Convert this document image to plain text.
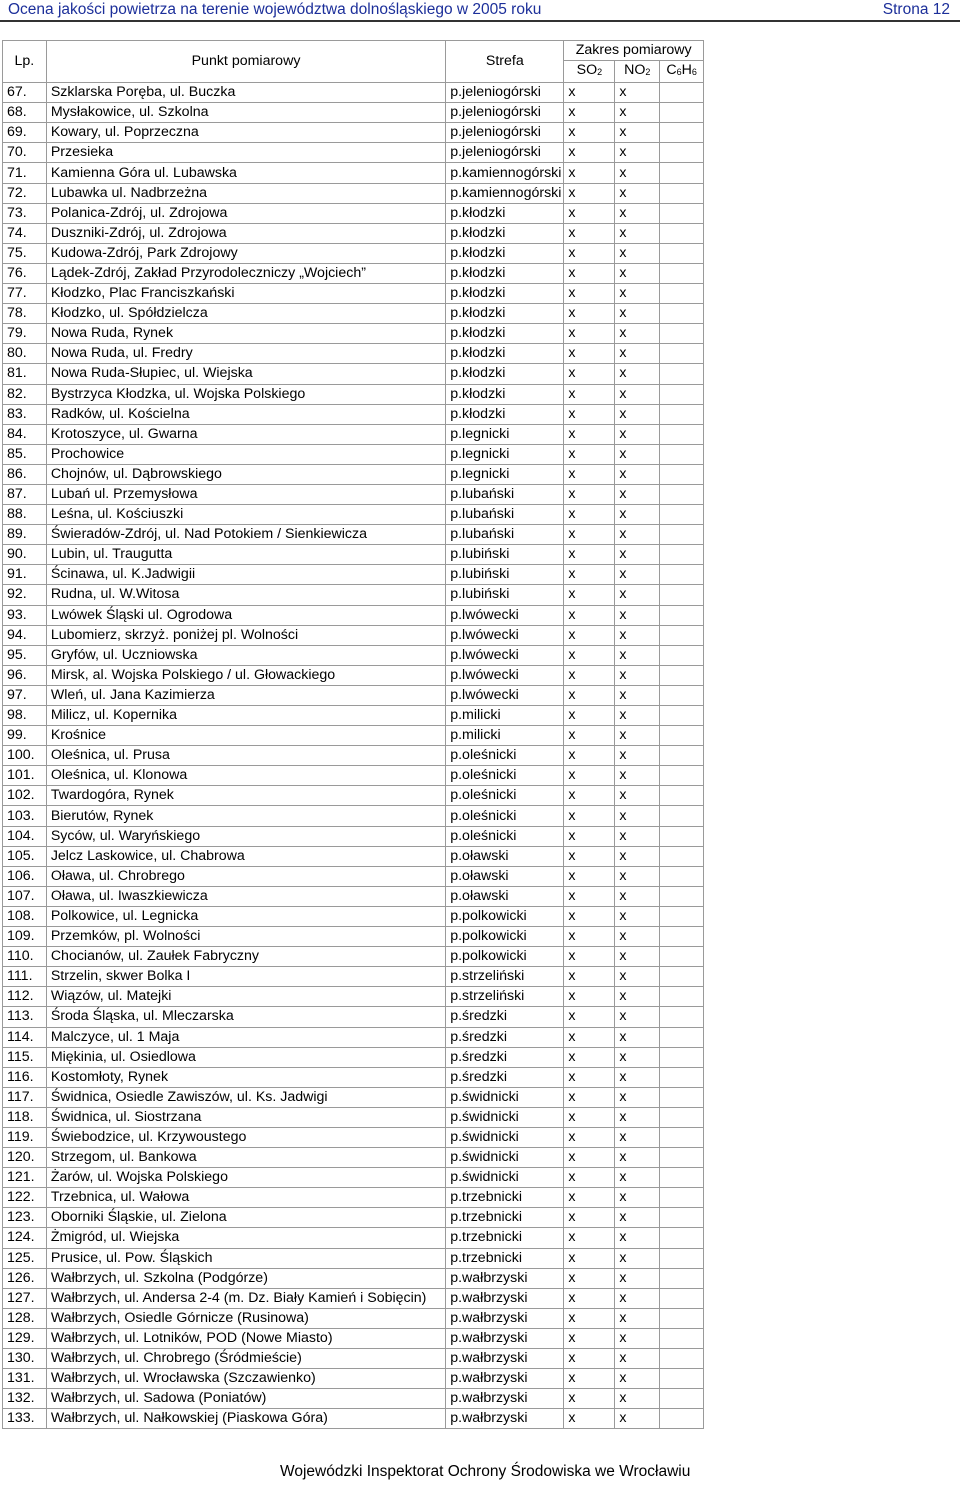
Ocena jakości powietrza na terenie województwa dolnośląskiego w 2005 roku	Strona 12
Lp.	Punkt pomiarowy	Strefa	Zakres pomiarowy		
			$SO_2$	$NO_2$	$C_6H_6$
67.	Szklarska Poręba, ul. Buczka	p.jeleniogórski	x	x	
68.	Mysłakowice, ul. Szkolna	p.jeleniogórski	x	x	
69.	Kowary, ul. Poprzeczna	p.jeleniogórski	x	x	
70.	Przesieka	p.jeleniogórski	x	x	
71.	Kamienna Góra ul. Lubawska	p.kamiennogórski	x	x	
72.	Lubawka ul. Nadbrzeżna	p.kamiennogórski	x	x	
73.	Polanica-Zdrój, ul. Zdrojowa	p.kłodzki	x	x	
74.	Duszniki-Zdrój, ul. Zdrojowa	p.kłodzki	x	x	
75.	Kudowa-Zdrój, Park Zdrojowy	p.kłodzki	x	x	
76.	Lądek-Zdrój, Zakład Przyrodoleczniczy „Wojciech”	p.kłodzki	x	x	
77.	Kłodzko, Plac Franciszkański	p.kłodzki	x	x	
78.	Kłodzko, ul. Spółdzielcza	p.kłodzki	x	x	
79.	Nowa Ruda, Rynek	p.kłodzki	x	x	
80.	Nowa Ruda, ul. Fredry	p.kłodzki	x	x	
81.	Nowa Ruda-Słupiec, ul. Wiejska	p.kłodzki	x	x	
82.	Bystrzyca Kłodzka, ul. Wojska Polskiego	p.kłodzki	x	x	
83.	Radków, ul. Kościelna	p.kłodzki	x	x	
84.	Krotoszyce, ul. Gwarna	p.legnicki	x	x	
85.	Prochowice	p.legnicki	x	x	
86.	Chojnów, ul. Dąbrowskiego	p.legnicki	x	x	
87.	Lubań ul. Przemysłowa	p.lubański	x	x	
88.	Leśna, ul. Kościuszki	p.lubański	x	x	
89.	Świeradów-Zdrój, ul. Nad Potokiem / Sienkiewicza	p.lubański	x	x	
90.	Lubin, ul. Traugutta	p.lubiński	x	x	
91.	Ścinawa, ul. K.Jadwigii	p.lubiński	x	x	
92.	Rudna, ul. W.Witosa	p.lubiński	x	x	
93.	Lwówek Śląski ul. Ogrodowa	p.lwówecki	x	x	
94.	Lubomierz, skrzyż. poniżej pl. Wolności	p.lwówecki	x	x	
95.	Gryfów, ul. Uczniowska	p.lwówecki	x	x	
96.	Mirsk, al. Wojska Polskiego / ul. Głowackiego	p.lwówecki	x	x	
97.	Wleń, ul. Jana Kazimierza	p.lwówecki	x	x	
98.	Milicz, ul. Kopernika	p.milicki	x	x	
99.	Krośnice	p.milicki	x	x	
100.	Oleśnica, ul. Prusa	p.oleśnicki	x	x	
101.	Oleśnica, ul. Klonowa	p.oleśnicki	x	x	
102.	Twardogóra, Rynek	p.oleśnicki	x	x	
103.	Bierutów, Rynek	p.oleśnicki	x	x	
104.	Syców, ul. Waryńskiego	p.oleśnicki	x	x	
105.	Jelcz Laskowice, ul. Chabrowa	p.oławski	x	x	
106.	Oława, ul. Chrobrego	p.oławski	x	x	
107.	Oława, ul. Iwaszkiewicza	p.oławski	x	x	
108.	Polkowice, ul. Legnicka	p.polkowicki	x	x	
109.	Przemków, pl. Wolności	p.polkowicki	x	x	
110.	Chocianów, ul. Zaułek Fabryczny	p.polkowicki	x	x	
111.	Strzelin, skwer Bolka I	p.strzeliński	x	x	
112.	Wiązów, ul. Matejki	p.strzeliński	x	x	
113.	Środa Śląska, ul. Mleczarska	p.średzki	x	x	
114.	Malczyce, ul. 1 Maja	p.średzki	x	x	
115.	Miękinia, ul. Osiedlowa	p.średzki	x	x	
116.	Kostomłoty, Rynek	p.średzki	x	x	
117.	Świdnica, Osiedle Zawiszów, ul. Ks. Jadwigi	p.świdnicki	x	x	
118.	Świdnica, ul. Siostrzana	p.świdnicki	x	x	
119.	Świebodzice, ul. Krzywoustego	p.świdnicki	x	x	
120.	Strzegom, ul. Bankowa	p.świdnicki	x	x	
121.	Żarów, ul. Wojska Polskiego	p.świdnicki	x	x	
122.	Trzebnica, ul. Wałowa	p.trzebnicki	x	x	
123.	Oborniki Śląskie, ul. Zielona	p.trzebnicki	x	x	
124.	Żmigród, ul. Wiejska	p.trzebnicki	x	x	
125.	Prusice, ul. Pow. Śląskich	p.trzebnicki	x	x	
126.	Wałbrzych, ul. Szkolna (Podgórze)	p.wałbrzyski	x	x	
127.	Wałbrzych, ul. Andersa 2-4 (m. Dz. Biały Kamień i Sobięcin)	p.wałbrzyski	x	x	
128.	Wałbrzych, Osiedle Górnicze (Rusinowa)	p.wałbrzyski	x	x	
129.	Wałbrzych, ul. Lotników, POD (Nowe Miasto)	p.wałbrzyski	x	x	
130.	Wałbrzych, ul. Chrobrego (Śródmieście)	p.wałbrzyski	x	x	
131.	Wałbrzych, ul. Wrocławska (Szczawienko)	p.wałbrzyski	x	x	
132.	Wałbrzych, ul. Sadowa (Poniatów)	p.wałbrzyski	x	x	
133.	Wałbrzych, ul. Nałkowskiej (Piaskowa Góra)	p.wałbrzyski	x	x	
Wojewódzki Inspektorat Ochrony Środowiska we Wrocławiu
